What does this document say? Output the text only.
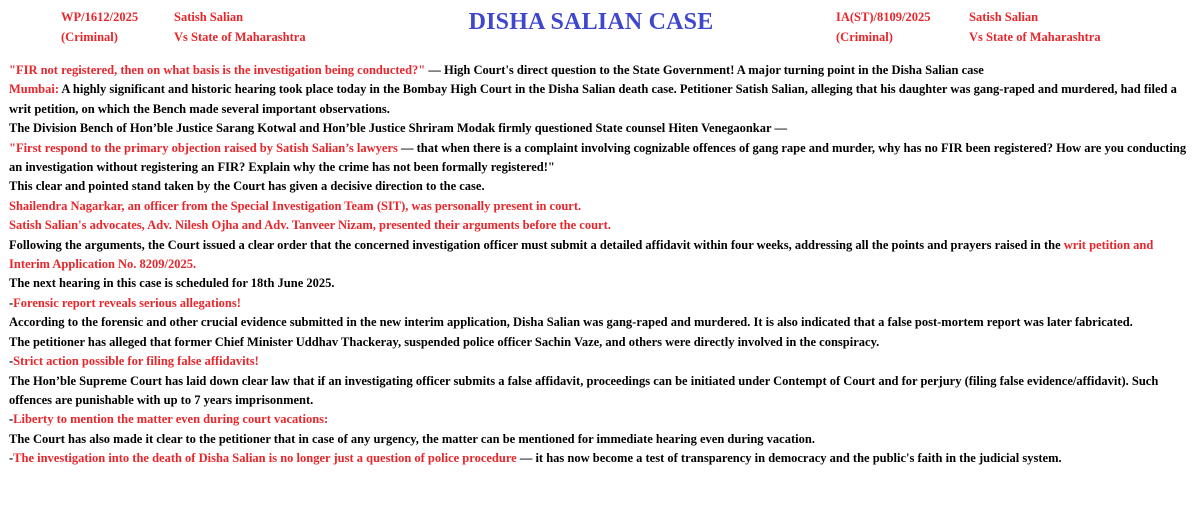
WP/1612/2025
(Criminal)
Satish Salian
Vs State of Maharashtra
DISHA SALIAN CASE	IA(ST)/8109/2025
(Criminal)
Satish Salian
Vs State of Maharashtra

"FIR not registered, then on what basis is the investigation being conducted?" — High Court's direct question to the State Government! A major turning point in the Disha Salian case

Mumbai: A highly significant and historic hearing took place today in the Bombay High Court in the Disha Salian death case. Petitioner Satish Salian, alleging that his daughter was gang-raped and murdered, had filed a writ petition, on which the Bench made several important observations.

The Division Bench of Hon’ble Justice Sarang Kotwal and Hon’ble Justice Shriram Modak firmly questioned State counsel Hiten Venegaonkar —

"First respond to the primary objection raised by Satish Salian’s lawyers — that when there is a complaint involving cognizable offences of gang rape and murder, why has no FIR been registered? How are you conducting an investigation without registering an FIR? Explain why the crime has not been formally registered!"

This clear and pointed stand taken by the Court has given a decisive direction to the case.

Shailendra Nagarkar, an officer from the Special Investigation Team (SIT), was personally present in court.

Satish Salian's advocates, Adv. Nilesh Ojha and Adv. Tanveer Nizam, presented their arguments before the court.

Following the arguments, the Court issued a clear order that the concerned investigation officer must submit a detailed affidavit within four weeks, addressing all the points and prayers raised in the writ petition and Interim Application No. 8209/2025.

The next hearing in this case is scheduled for 18th June 2025.

-Forensic report reveals serious allegations!

According to the forensic and other crucial evidence submitted in the new interim application, Disha Salian was gang-raped and murdered. It is also indicated that a false post-mortem report was later fabricated.

The petitioner has alleged that former Chief Minister Uddhav Thackeray, suspended police officer Sachin Vaze, and others were directly involved in the conspiracy.

-Strict action possible for filing false affidavits!

The Hon’ble Supreme Court has laid down clear law that if an investigating officer submits a false affidavit, proceedings can be initiated under Contempt of Court and for perjury (filing false evidence/affidavit). Such offences are punishable with up to 7 years imprisonment.

-Liberty to mention the matter even during court vacations:

The Court has also made it clear to the petitioner that in case of any urgency, the matter can be mentioned for immediate hearing even during vacation.

-The investigation into the death of Disha Salian is no longer just a question of police procedure — it has now become a test of transparency in democracy and the public's faith in the judicial system.
